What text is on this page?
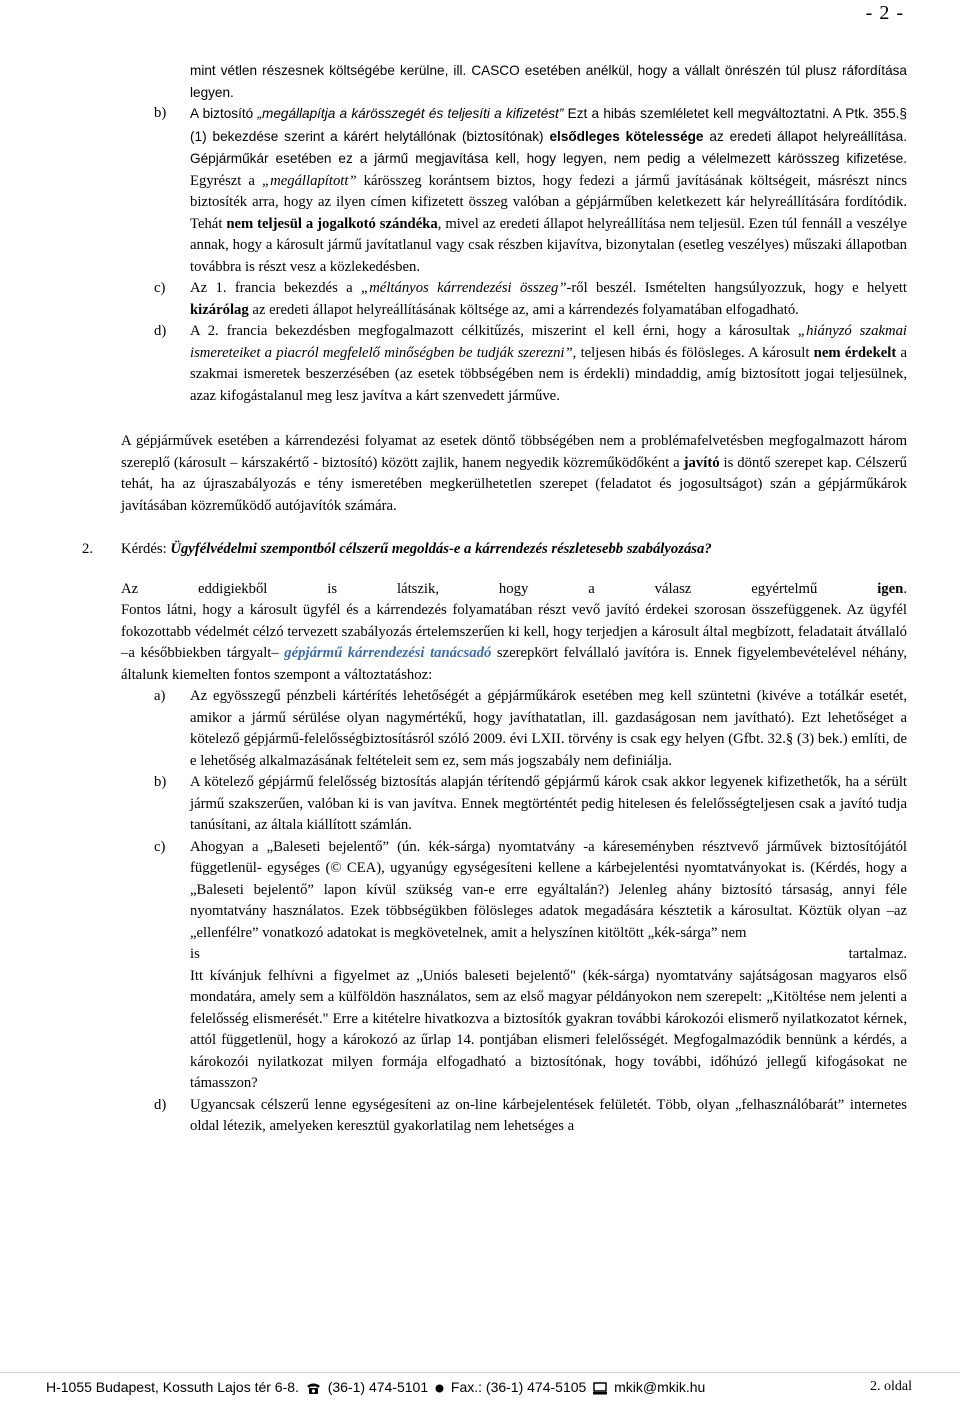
- 2 -

mint vétlen részesnek költségébe kerülne, ill. CASCO esetében anélkül, hogy a vállalt önrészén túl plusz ráfordítása legyen.

b) A biztosító „megállapítja a kárösszegét és teljesíti a kifizetést” Ezt a hibás szemléletet kell megváltoztatni. A Ptk. 355.§ (1) bekezdése szerint a kárért helytállónak (biztosítónak) elsődleges kötelessége az eredeti állapot helyreállítása. Gépjárműkár esetében ez a jármű megjavítása kell, hogy legyen, nem pedig a vélelmezett kárösszeg kifizetése. Egyrészt a „megállapított” kárösszeg korántsem biztos, hogy fedezi a jármű javításának költségeit, másrészt nincs biztosíték arra, hogy az ilyen címen kifizetett összeg valóban a gépjárműben keletkezett kár helyreállítására fordítódik. Tehát nem teljesül a jogalkotó szándéka, mivel az eredeti állapot helyreállítása nem teljesül. Ezen túl fennáll a veszélye annak, hogy a károsult jármű javítatlanul vagy csak részben kijavítva, bizonytalan (esetleg veszélyes) műszaki állapotban továbbra is részt vesz a közlekedésben.

c) Az 1. francia bekezdés a „méltányos kárrendezési összeg”-ről beszél. Ismételten hangsúlyozzuk, hogy e helyett kizárólag az eredeti állapot helyreállításának költsége az, ami a kárrendezés folyamatában elfogadható.

d) A 2. francia bekezdésben megfogalmazott célkitűzés, miszerint el kell érni, hogy a károsultak „hiányzó szakmai ismereteiket a piacról megfelelő minőségben be tudják szerezni”, teljesen hibás és fölösleges. A károsult nem érdekelt a szakmai ismeretek beszerzésében (az esetek többségében nem is érdekli) mindaddig, amíg biztosított jogai teljesülnek, azaz kifogástalanul meg lesz javítva a kárt szenvedett járműve.

A gépjárművek esetében a kárrendezési folyamat az esetek döntő többségében nem a problémafelvetésben megfogalmazott három szereplő (károsult – kárszakértő - biztosító) között zajlik, hanem negyedik közreműködőként a javító is döntő szerepet kap. Célszerű tehát, ha az újraszabályozás e tény ismeretében megkerülhetetlen szerepet (feladatot és jogosultságot) szán a gépjárműkárok javításában közreműködő autójavítók számára.

2. Kérdés: Ügyfélvédelmi szempontból célszerű megoldás-e a kárrendezés részletesebb szabályozása?

Az eddigiekből is látszik, hogy a válasz egyértelmű igen.
Fontos látni, hogy a károsult ügyfél és a kárrendezés folyamatában részt vevő javító érdekei szorosan összefüggenek. Az ügyfél fokozottabb védelmét célzó tervezett szabályozás értelemszerűen ki kell, hogy terjedjen a károsult által megbízott, feladatait átvállaló –a későbbiekben tárgyalt– gépjármű kárrendezési tanácsadó szerepkört felvállaló javítóra is. Ennek figyelembevételével néhány, általunk kiemelten fontos szempont a változtatáshoz:

a) Az egyösszegű pénzbeli kártérítés lehetőségét a gépjárműkárok esetében meg kell szüntetni (kivéve a totálkár esetét, amikor a jármű sérülése olyan nagymértékű, hogy javíthatatlan, ill. gazdaságosan nem javítható). Ezt lehetőséget a kötelező gépjármű-felelősségbiztosításról szóló 2009. évi LXII. törvény is csak egy helyen (Gfbt. 32.§ (3) bek.) említi, de e lehetőség alkalmazásának feltételeit sem ez, sem más jogszabály nem definiálja.

b) A kötelező gépjármű felelősség biztosítás alapján térítendő gépjármű károk csak akkor legyenek kifizethetők, ha a sérült jármű szakszerűen, valóban ki is van javítva. Ennek megtörténtét pedig hitelesen és felelősségteljesen csak a javító tudja tanúsítani, az általa kiállított számlán.

c) Ahogyan a „Baleseti bejelentő” (ún. kék-sárga) nyomtatvány -a káreseményben résztvevő járművek biztosítójától függetlenül- egységes (© CEA), ugyanúgy egységesíteni kellene a kárbejelentési nyomtatványokat is. (Kérdés, hogy a „Baleseti bejelentő” lapon kívül szükség van-e erre egyáltalán?) Jelenleg ahány biztosító társaság, annyi féle nyomtatvány használatos. Ezek többségükben fölösleges adatok megadására késztetik a károsultat. Köztük olyan –az „ellenfélre” vonatkozó adatokat is megkövetelnek, amit a helyszínen kitöltött „kék-sárga” nem
is tartalmaz.
Itt kívánjuk felhívni a figyelmet az „Uniós baleseti bejelentő" (kék-sárga) nyomtatvány sajátságosan magyaros első mondatára, amely sem a külföldön használatos, sem az első magyar példányokon nem szerepelt: „Kitöltése nem jelenti a felelősség elismerését." Erre a kitételre hivatkozva a biztosítók gyakran további károkozói elismerő nyilatkozatot kérnek, attól függetlenül, hogy a károkozó az űrlap 14. pontjában elismeri felelősségét. Megfogalmazódik bennünk a kérdés, a károkozói nyilatkozat milyen formája elfogadható a biztosítónak, hogy további, időhúzó jellegű kifogásokat ne támasszon?

d) Ugyancsak célszerű lenne egységesíteni az on-line kárbejelentések felületét. Több, olyan „felhasználóbarát” internetes oldal létezik, amelyeken keresztül gyakorlatilag nem lehetséges a

H-1055 Budapest, Kossuth Lajos tér 6-8. (36-1) 474-5101 Fax.: (36-1) 474-5105 mkik@mkik.hu	2. oldal
